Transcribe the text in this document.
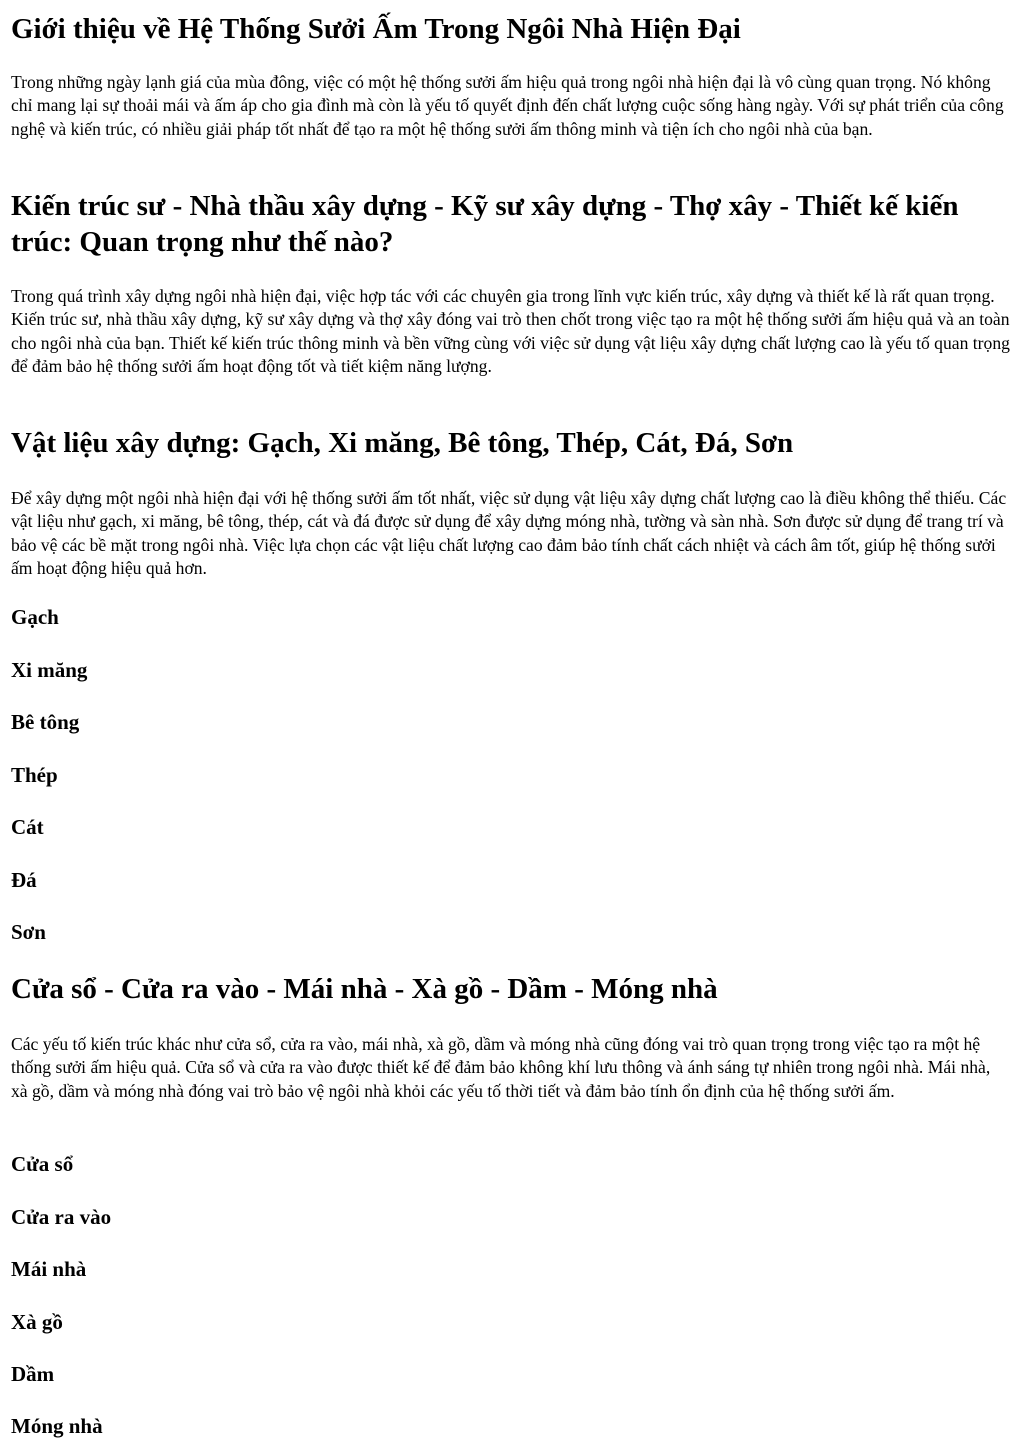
Giới thiệu về Hệ Thống Sưởi Ấm Trong Ngôi Nhà Hiện Đại

Trong những ngày lạnh giá của mùa đông, việc có một hệ thống sưởi ấm hiệu quả trong ngôi nhà hiện đại là vô cùng quan trọng. Nó không chỉ mang lại sự thoải mái và ấm áp cho gia đình mà còn là yếu tố quyết định đến chất lượng cuộc sống hàng ngày. Với sự phát triển của công nghệ và kiến trúc, có nhiều giải pháp tốt nhất để tạo ra một hệ thống sưởi ấm thông minh và tiện ích cho ngôi nhà của bạn.

Kiến trúc sư - Nhà thầu xây dựng - Kỹ sư xây dựng - Thợ xây - Thiết kế kiến trúc: Quan trọng như thế nào?

Trong quá trình xây dựng ngôi nhà hiện đại, việc hợp tác với các chuyên gia trong lĩnh vực kiến trúc, xây dựng và thiết kế là rất quan trọng. Kiến trúc sư, nhà thầu xây dựng, kỹ sư xây dựng và thợ xây đóng vai trò then chốt trong việc tạo ra một hệ thống sưởi ấm hiệu quả và an toàn cho ngôi nhà của bạn. Thiết kế kiến trúc thông minh và bền vững cùng với việc sử dụng vật liệu xây dựng chất lượng cao là yếu tố quan trọng để đảm bảo hệ thống sưởi ấm hoạt động tốt và tiết kiệm năng lượng.

Vật liệu xây dựng: Gạch, Xi măng, Bê tông, Thép, Cát, Đá, Sơn

Để xây dựng một ngôi nhà hiện đại với hệ thống sưởi ấm tốt nhất, việc sử dụng vật liệu xây dựng chất lượng cao là điều không thể thiếu. Các vật liệu như gạch, xi măng, bê tông, thép, cát và đá được sử dụng để xây dựng móng nhà, tường và sàn nhà. Sơn được sử dụng để trang trí và bảo vệ các bề mặt trong ngôi nhà. Việc lựa chọn các vật liệu chất lượng cao đảm bảo tính chất cách nhiệt và cách âm tốt, giúp hệ thống sưởi ấm hoạt động hiệu quả hơn.

Gạch
Xi măng
Bê tông
Thép
Cát
Đá
Sơn
Cửa sổ - Cửa ra vào - Mái nhà - Xà gồ - Dầm - Móng nhà

Các yếu tố kiến trúc khác như cửa sổ, cửa ra vào, mái nhà, xà gồ, dầm và móng nhà cũng đóng vai trò quan trọng trong việc tạo ra một hệ thống sưởi ấm hiệu quả. Cửa sổ và cửa ra vào được thiết kế để đảm bảo không khí lưu thông và ánh sáng tự nhiên trong ngôi nhà. Mái nhà, xà gồ, dầm và móng nhà đóng vai trò bảo vệ ngôi nhà khỏi các yếu tố thời tiết và đảm bảo tính ổn định của hệ thống sưởi ấm.

Cửa sổ
Cửa ra vào
Mái nhà
Xà gồ
Dầm
Móng nhà
